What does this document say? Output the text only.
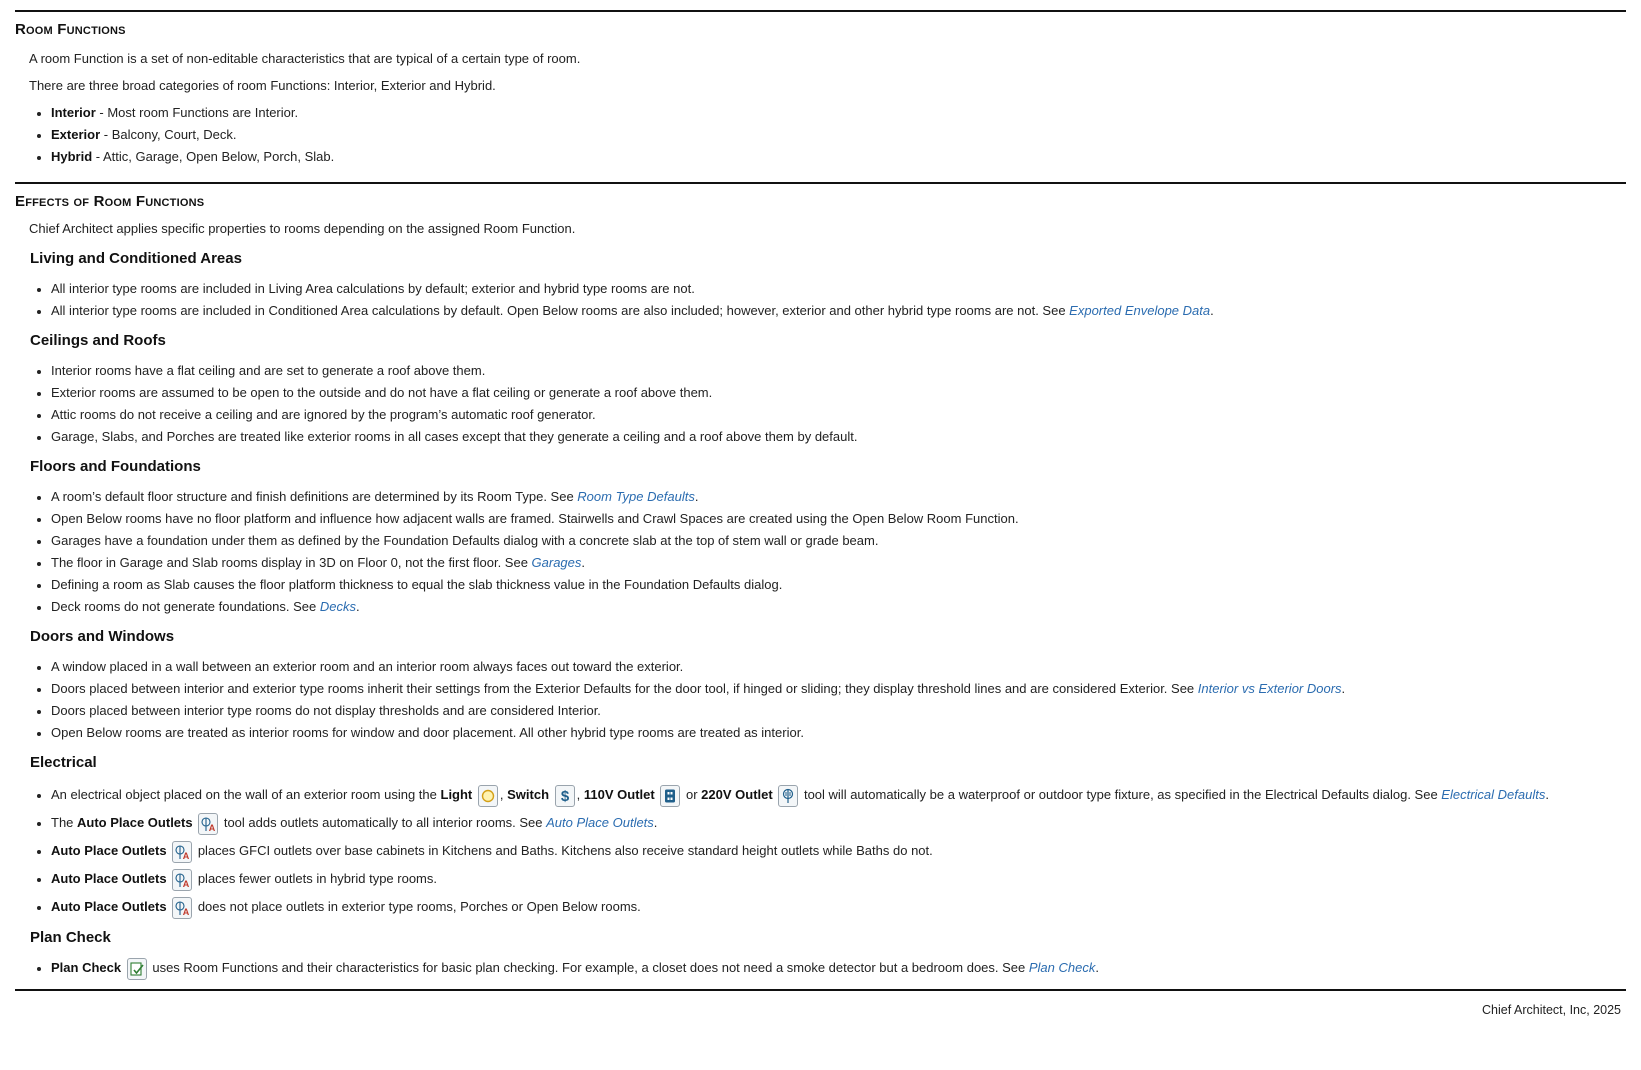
Room Functions

A room Function is a set of non-editable characteristics that are typical of a certain type of room.

There are three broad categories of room Functions: Interior, Exterior and Hybrid.

• Interior - Most room Functions are Interior.
• Exterior - Balcony, Court, Deck.
• Hybrid - Attic, Garage, Open Below, Porch, Slab.
Effects of Room Functions

Chief Architect applies specific properties to rooms depending on the assigned Room Function.

Living and Conditioned Areas
• All interior type rooms are included in Living Area calculations by default; exterior and hybrid type rooms are not.
• All interior type rooms are included in Conditioned Area calculations by default. Open Below rooms are also included; however, exterior and other hybrid type rooms are not. See Exported Envelope Data.
Ceilings and Roofs
• Interior rooms have a flat ceiling and are set to generate a roof above them.
• Exterior rooms are assumed to be open to the outside and do not have a flat ceiling or generate a roof above them.
• Attic rooms do not receive a ceiling and are ignored by the program’s automatic roof generator.
• Garage, Slabs, and Porches are treated like exterior rooms in all cases except that they generate a ceiling and a roof above them by default.
Floors and Foundations
• A room’s default floor structure and finish definitions are determined by its Room Type. See Room Type Defaults.
• Open Below rooms have no floor platform and influence how adjacent walls are framed. Stairwells and Crawl Spaces are created using the Open Below Room Function.
• Garages have a foundation under them as defined by the Foundation Defaults dialog with a concrete slab at the top of stem wall or grade beam.
• The floor in Garage and Slab rooms display in 3D on Floor 0, not the first floor. See Garages.
• Defining a room as Slab causes the floor platform thickness to equal the slab thickness value in the Foundation Defaults dialog.
• Deck rooms do not generate foundations. See Decks.
Doors and Windows
• A window placed in a wall between an exterior room and an interior room always faces out toward the exterior.
• Doors placed between interior and exterior type rooms inherit their settings from the Exterior Defaults for the door tool, if hinged or sliding; they display threshold lines and are considered Exterior. See Interior vs Exterior Doors.
• Doors placed between interior type rooms do not display thresholds and are considered Interior.
• Open Below rooms are treated as interior rooms for window and door placement. All other hybrid type rooms are treated as interior.
Electrical
• An electrical object placed on the wall of an exterior room using the Light , Switch $ , 110V Outlet or 220V Outlet tool will automatically be a waterproof or outdoor type fixture, as specified in the Electrical Defaults dialog. See Electrical Defaults.
• The Auto Place Outlets A tool adds outlets automatically to all interior rooms. See Auto Place Outlets.
• Auto Place Outlets A places GFCI outlets over base cabinets in Kitchens and Baths. Kitchens also receive standard height outlets while Baths do not.
• Auto Place Outlets A places fewer outlets in hybrid type rooms.
• Auto Place Outlets A does not place outlets in exterior type rooms, Porches or Open Below rooms.
Plan Check
• Plan Check uses Room Functions and their characteristics for basic plan checking. For example, a closet does not need a smoke detector but a bedroom does. See Plan Check.
Chief Architect, Inc, 2025
